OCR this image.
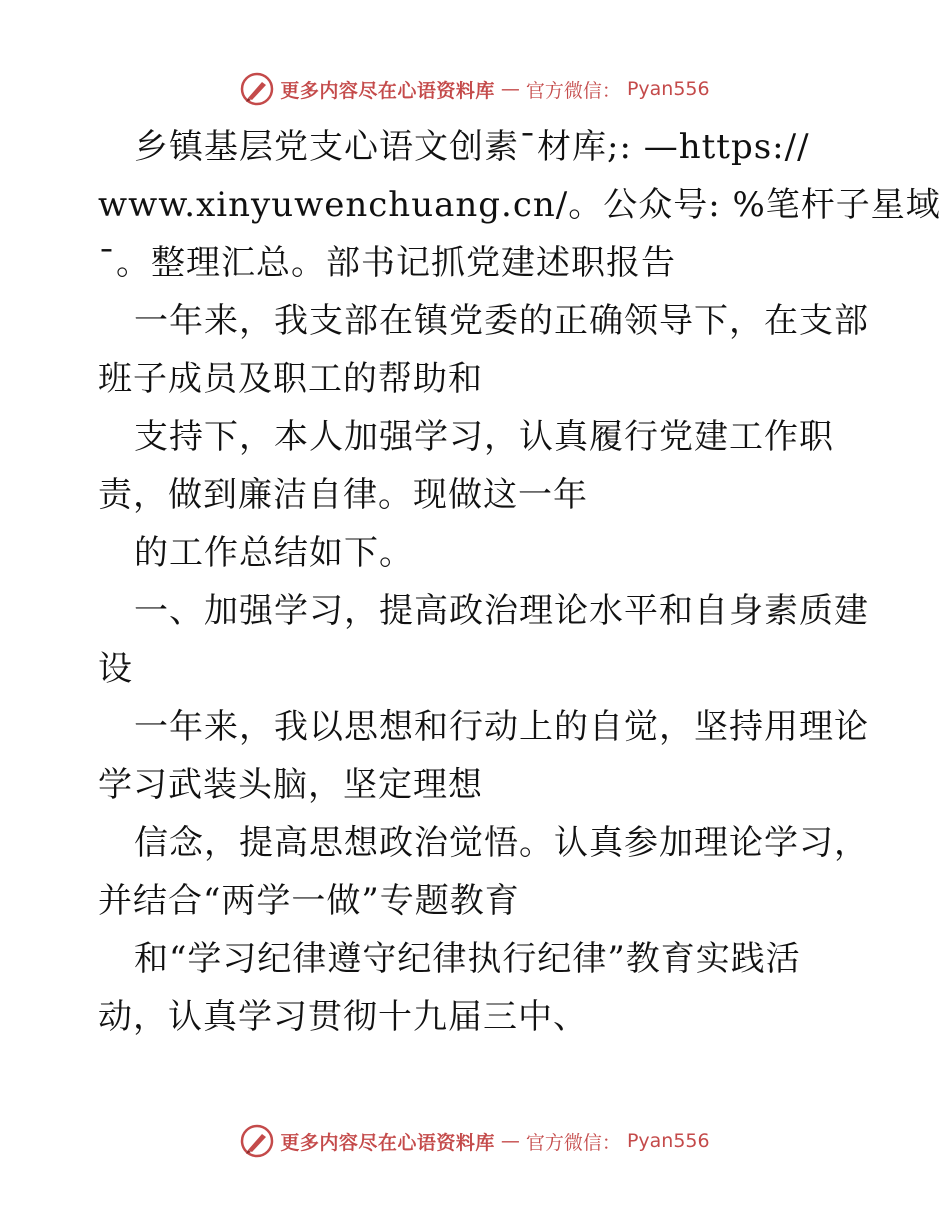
更多内容尽在心语资料库 — 官方微信： Pyan556
乡镇基层党支心语文创素¯材库;: —https://
www.xinyuwenchuang.cn/。公众号: %笔杆子星域
¯。整理汇总。部书记抓党建述职报告
一年来，我支部在镇党委的正确领导下，在支部
班子成员及职工的帮助和
支持下，本人加强学习，认真履行党建工作职
责，做到廉洁自律。现做这一年
的工作总结如下。
一、加强学习，提高政治理论水平和自身素质建
设
一年来，我以思想和行动上的自觉，坚持用理论
学习武装头脑，坚定理想
信念，提高思想政治觉悟。认真参加理论学习，
并结合“两学一做”专题教育
和“学习纪律遵守纪律执行纪律”教育实践活
动，认真学习贯彻十九届三中、
更多内容尽在心语资料库 — 官方微信： Pyan556
